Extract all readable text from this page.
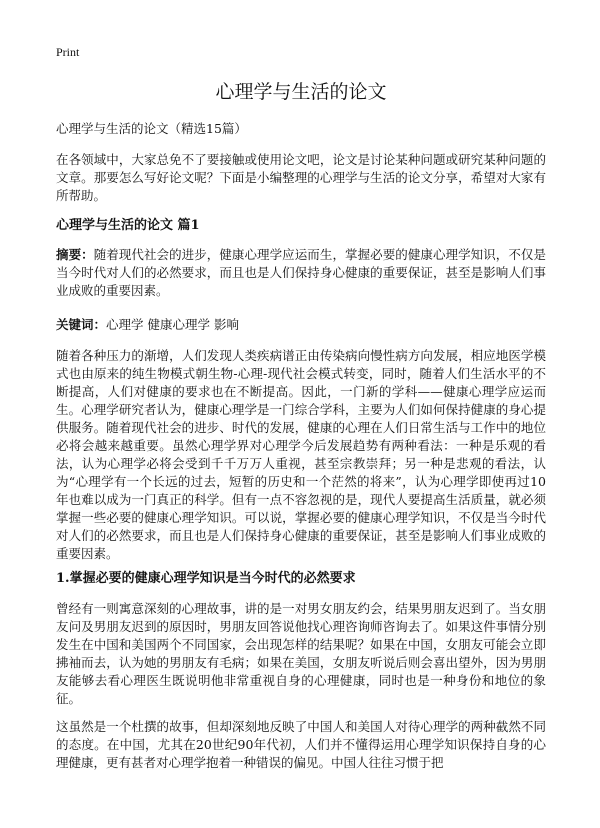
Print
心理学与生活的论文
心理学与生活的论文（精选15篇）

在各领域中，大家总免不了要接触或使用论文吧，论文是讨论某种问题或研究某种问题的文章。那要怎么写好论文呢？下面是小编整理的心理学与生活的论文分享，希望对大家有所帮助。

心理学与生活的论文 篇1

摘要：随着现代社会的进步，健康心理学应运而生，掌握必要的健康心理学知识，不仅是当今时代对人们的必然要求，而且也是人们保持身心健康的重要保证，甚至是影响人们事业成败的重要因素。

关键词：心理学 健康心理学 影响

随着各种压力的渐增，人们发现人类疾病谱正由传染病向慢性病方向发展，相应地医学模式也由原来的纯生物模式朝生物-心理-现代社会模式转变，同时，随着人们生活水平的不断提高，人们对健康的要求也在不断提高。因此，一门新的学科——健康心理学应运而生。心理学研究者认为，健康心理学是一门综合学科，主要为人们如何保持健康的身心提供服务。随着现代社会的进步、时代的发展，健康的心理在人们日常生活与工作中的地位必将会越来越重要。虽然心理学界对心理学今后发展趋势有两种看法：一种是乐观的看法，认为心理学必将会受到千千万万人重视，甚至宗教崇拜；另一种是悲观的看法，认为“心理学有一个长远的过去，短暂的历史和一个茫然的将来”，认为心理学即使再过10年也难以成为一门真正的科学。但有一点不容忽视的是，现代人要提高生活质量，就必须掌握一些必要的健康心理学知识。可以说，掌握必要的健康心理学知识，不仅是当今时代对人们的必然要求，而且也是人们保持身心健康的重要保证，甚至是影响人们事业成败的重要因素。

1.掌握必要的健康心理学知识是当今时代的必然要求

曾经有一则寓意深刻的心理故事，讲的是一对男女朋友约会，结果男朋友迟到了。当女朋友问及男朋友迟到的原因时，男朋友回答说他找心理咨询师咨询去了。如果这件事情分别发生在中国和美国两个不同国家，会出现怎样的结果呢？如果在中国，女朋友可能会立即拂袖而去，认为她的男朋友有毛病；如果在美国，女朋友听说后则会喜出望外，因为男朋友能够去看心理医生既说明他非常重视自身的心理健康，同时也是一种身份和地位的象征。

这虽然是一个杜撰的故事，但却深刻地反映了中国人和美国人对待心理学的两种截然不同的态度。在中国，尤其在20世纪90年代初，人们并不懂得运用心理学知识保持自身的心理健康，更有甚者对心理学抱着一种错误的偏见。中国人往往习惯于把
